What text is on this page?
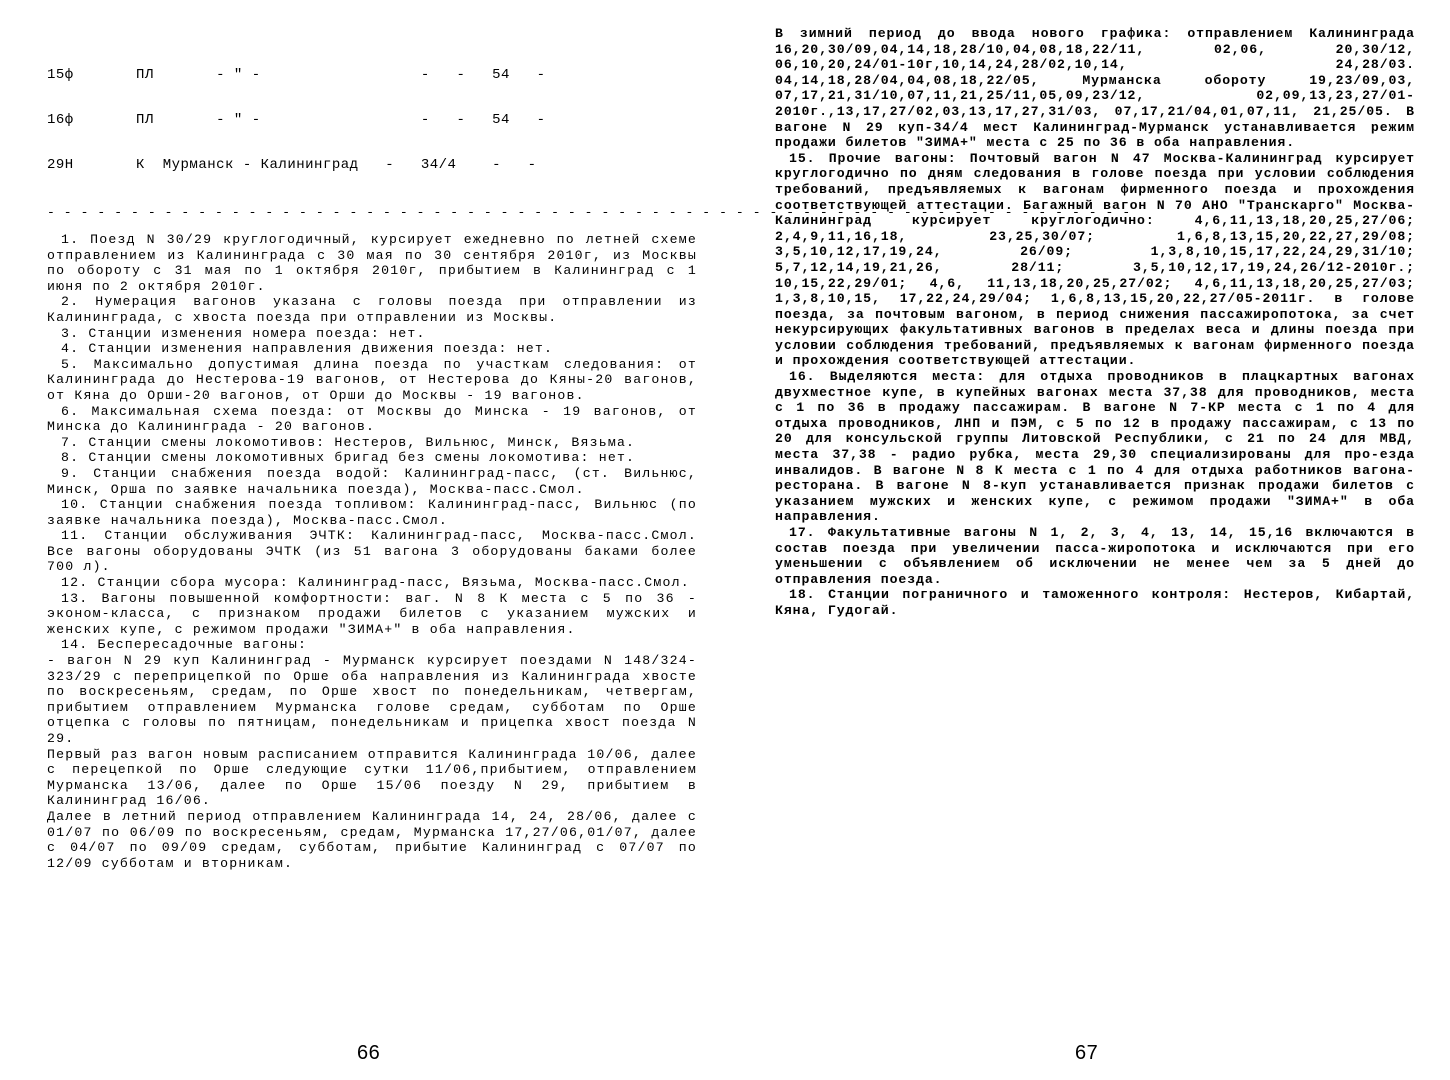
15ф       ПЛ       - " -                  -   -   54   -

16ф       ПЛ       - " -                  -   -   54   -

29Н       К  Мурманск - Калининград   -   34/4    -   -

- - - - - - - - - - - - - - - - - - - - - - - - - - - - - - - - - - - - - - - - - - - - - - - - - - - - - - - - - - - - - - - - -

1. Поезд N 30/29 круглогодичный, курсирует ежедневно по летней схеме отправлением из Калининграда с 30 мая по 30 сентября 2010г, из Москвы по обороту с 31 мая по 1 октября 2010г, прибытием в Калининград с 1 июня по 2 октября 2010г.

2. Нумерация вагонов указана с головы поезда при отправлении из Калининграда, с хвоста поезда при отправлении из Москвы.

3. Станции изменения номера поезда: нет.

4. Станции изменения направления движения поезда: нет.

5. Максимально допустимая длина поезда по участкам следования: от Калининграда до Нестерова-19 вагонов, от Нестерова до Кяны-20 вагонов, от Кяна до Орши-20 вагонов, от Орши до Москвы - 19 вагонов.

6. Максимальная схема поезда: от Москвы до Минска - 19 вагонов, от Минска до Калининграда - 20 вагонов.

7. Станции смены локомотивов: Нестеров, Вильнюс, Минск, Вязьма.

8. Станции смены локомотивных бригад без смены локомотива: нет.

9. Станции снабжения поезда водой: Калининград-пасс, (ст. Вильнюс, Минск, Орша по заявке начальника поезда), Москва-пасс.Смол.

10. Станции снабжения поезда топливом: Калининград-пасс, Вильнюс (по заявке начальника поезда), Москва-пасс.Смол.

11. Станции обслуживания ЭЧТК: Калининград-пасс, Москва-пасс.Смол. Все вагоны оборудованы ЭЧТК (из 51 вагона 3 оборудованы баками более 700 л).

12. Станции сбора мусора: Калининград-пасс, Вязьма, Москва-пасс.Смол.

13. Вагоны повышенной комфортности: ваг. N 8 К места с 5 по 36 - эконом-класса, с признаком продажи билетов с указанием мужских и женских купе, с режимом продажи "ЗИМА+" в оба направления.

14. Беспересадочные вагоны:

- вагон N 29 куп Калининград - Мурманск курсирует поездами N 148/324-323/29 с переприцепкой по Орше оба направления из Калининграда хвосте по воскресеньям, средам, по Орше хвост по понедельникам, четвергам, прибытием отправлением Мурманска голове средам, субботам по Орше отцепка с головы по пятницам, понедельникам и прицепка хвост поезда N 29.

Первый раз вагон новым расписанием отправится Калининграда 10/06, далее с перецепкой по Орше следующие сутки 11/06,прибытием, отправлением Мурманска 13/06, далее по Орше 15/06 поезду N 29, прибытием в Калининград 16/06.

Далее в летний период отправлением Калининграда 14, 24, 28/06, далее с 01/07 по 06/09 по воскресеньям, средам, Мурманска 17,27/06,01/07, далее с 04/07 по 09/09 средам, субботам, прибытие Калининград с 07/07 по 12/09 субботам и вторникам.

66

В зимний период до ввода нового графика: отправлением Калининграда 16,20,30/09,04,14,18,28/10,04,08,18,22/11, 02,06, 20,30/12, 06,10,20,24/01-10г,10,14,24,28/02,10,14, 24,28/03. 04,14,18,28/04,04,08,18,22/05, Мурманска обороту 19,23/09,03, 07,17,21,31/10,07,11,21,25/11,05,09,23/12, 02,09,13,23,27/01-2010г.,13,17,27/02,03,13,17,27,31/03, 07,17,21/04,01,07,11, 21,25/05. В вагоне N 29 куп-34/4 мест Калининград-Мурманск устанавливается режим продажи билетов "ЗИМА+" места с 25 по 36 в оба направления.

15. Прочие вагоны: Почтовый вагон N 47 Москва-Калининград курсирует круглогодично по дням следования в голове поезда при условии соблюдения требований, предъявляемых к вагонам фирменного поезда и прохождения соответствующей аттестации. Багажный вагон N 70 АНО "Транскарго" Москва-Калининград курсирует круглогодично: 4,6,11,13,18,20,25,27/06; 2,4,9,11,16,18, 23,25,30/07; 1,6,8,13,15,20,22,27,29/08; 3,5,10,12,17,19,24, 26/09; 1,3,8,10,15,17,22,24,29,31/10; 5,7,12,14,19,21,26, 28/11; 3,5,10,12,17,19,24,26/12-2010г.; 10,15,22,29/01; 4,6, 11,13,18,20,25,27/02; 4,6,11,13,18,20,25,27/03; 1,3,8,10,15, 17,22,24,29/04; 1,6,8,13,15,20,22,27/05-2011г. в голове поезда, за почтовым вагоном, в период снижения пассажиропотока, за счет некурсирующих факультативных вагонов в пределах веса и длины поезда при условии соблюдения требований, предъявляемых к вагонам фирменного поезда и прохождения соответствующей аттестации.

16. Выделяются места: для отдыха проводников в плацкартных вагонах двухместное купе, в купейных вагонах места 37,38 для проводников, места с 1 по 36 в продажу пассажирам. В вагоне N 7-КР места с 1 по 4 для отдыха проводников, ЛНП и ПЭМ, с 5 по 12 в продажу пассажирам, с 13 по 20 для консульской группы Литовской Республики, с 21 по 24 для МВД, места 37,38 - радио рубка, места 29,30 специализированы для про-езда инвалидов. В вагоне N 8 К места с 1 по 4 для отдыха работников вагона-ресторана. В вагоне N 8-куп устанавливается признак продажи билетов с указанием мужских и женских купе, с режимом продажи "ЗИМА+" в оба направления.

17. Факультативные вагоны N 1, 2, 3, 4, 13, 14, 15,16 включаются в состав поезда при увеличении пасса-жиропотока и исключаются при его уменьшении с объявлением об исключении не менее чем за 5 дней до отправления поезда.

18. Станции пограничного и таможенного контроля: Нестеров, Кибартай, Кяна, Гудогай.

67
